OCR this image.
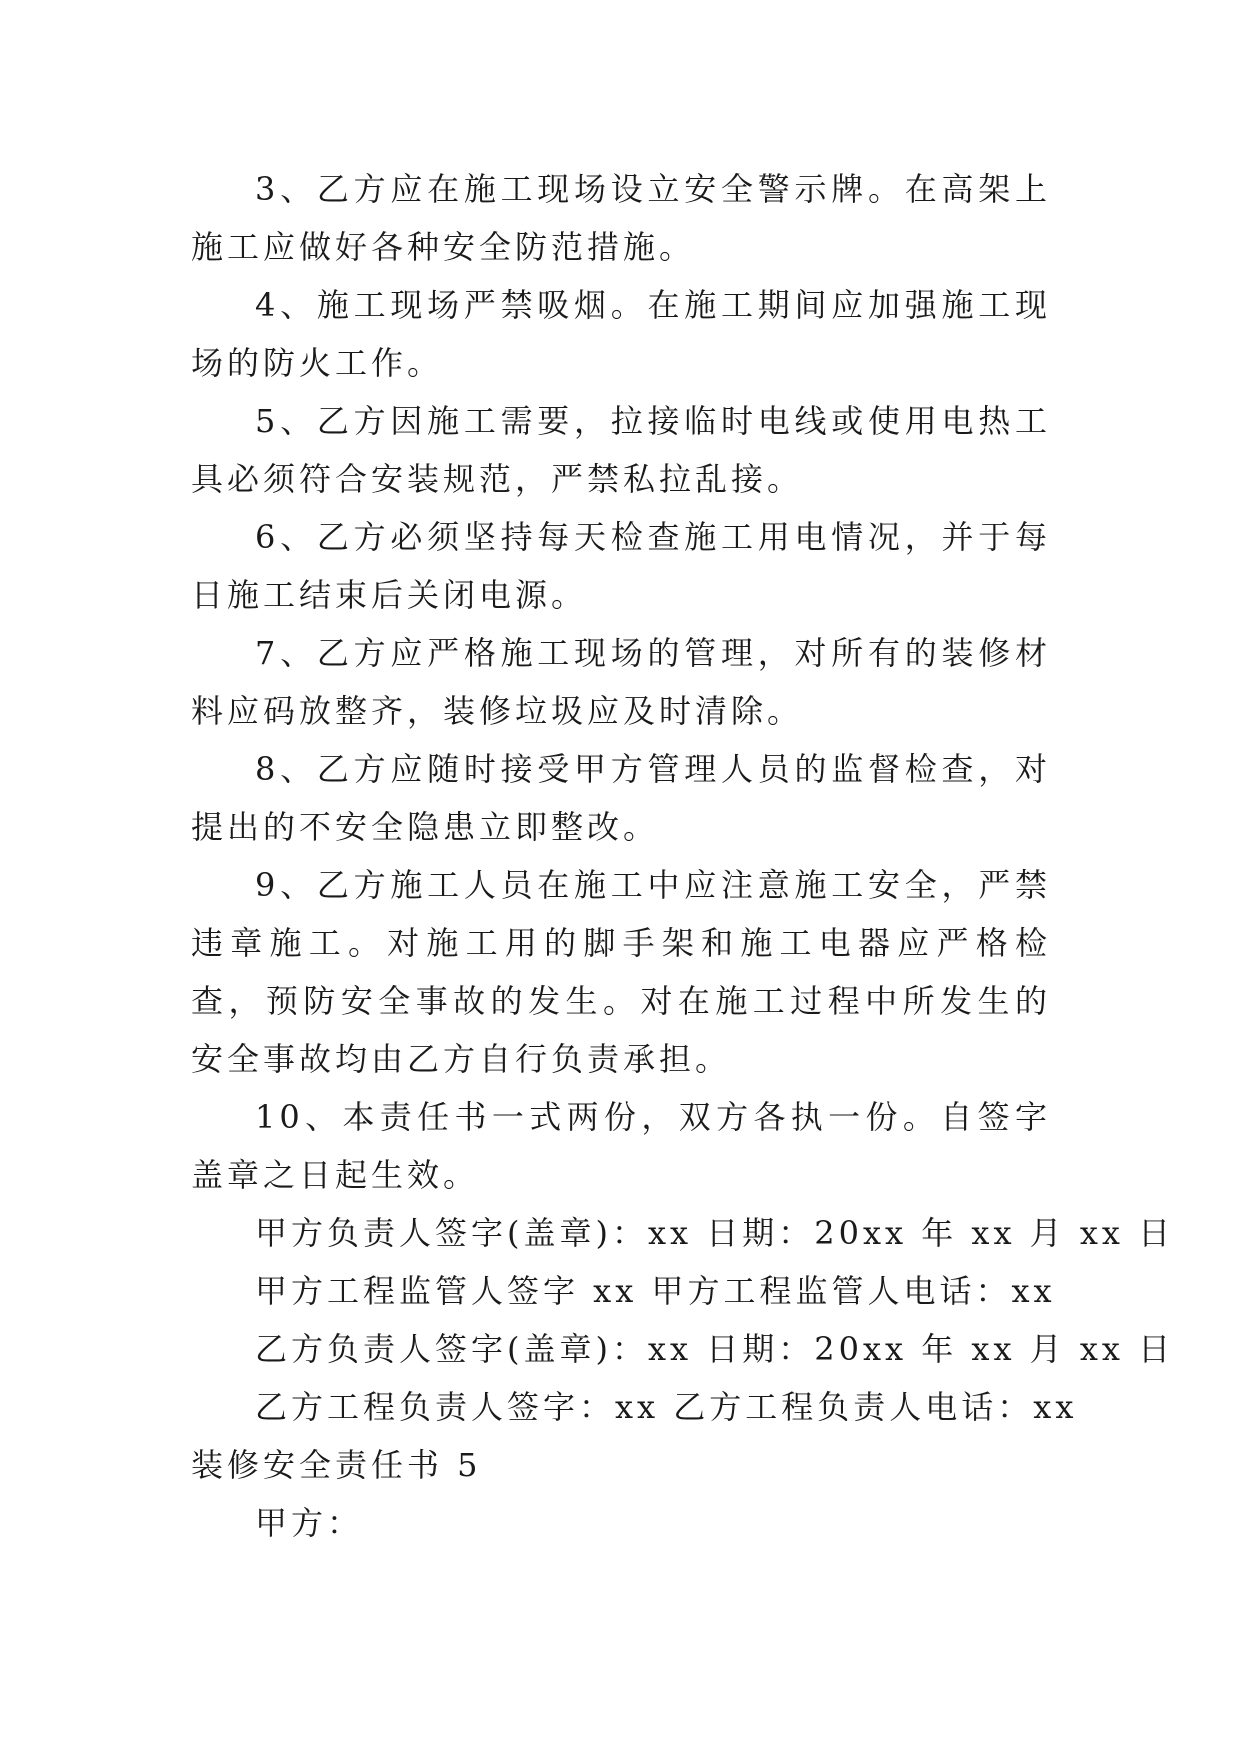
3、乙方应在施工现场设立安全警示牌。在高架上施工应做好各种安全防范措施。

4、施工现场严禁吸烟。在施工期间应加强施工现场的防火工作。

5、乙方因施工需要，拉接临时电线或使用电热工具必须符合安装规范，严禁私拉乱接。

6、乙方必须坚持每天检查施工用电情况，并于每日施工结束后关闭电源。

7、乙方应严格施工现场的管理，对所有的装修材料应码放整齐，装修垃圾应及时清除。

8、乙方应随时接受甲方管理人员的监督检查，对提出的不安全隐患立即整改。

9、乙方施工人员在施工中应注意施工安全，严禁违章施工。对施工用的脚手架和施工电器应严格检查，预防安全事故的发生。对在施工过程中所发生的安全事故均由乙方自行负责承担。

10、本责任书一式两份，双方各执一份。自签字盖章之日起生效。

甲方负责人签字(盖章)：xx 日期：20xx 年 xx 月 xx 日

甲方工程监管人签字 xx 甲方工程监管人电话：xx

乙方负责人签字(盖章)：xx 日期：20xx 年 xx 月 xx 日

乙方工程负责人签字：xx 乙方工程负责人电话：xx

装修安全责任书 5

甲方：
